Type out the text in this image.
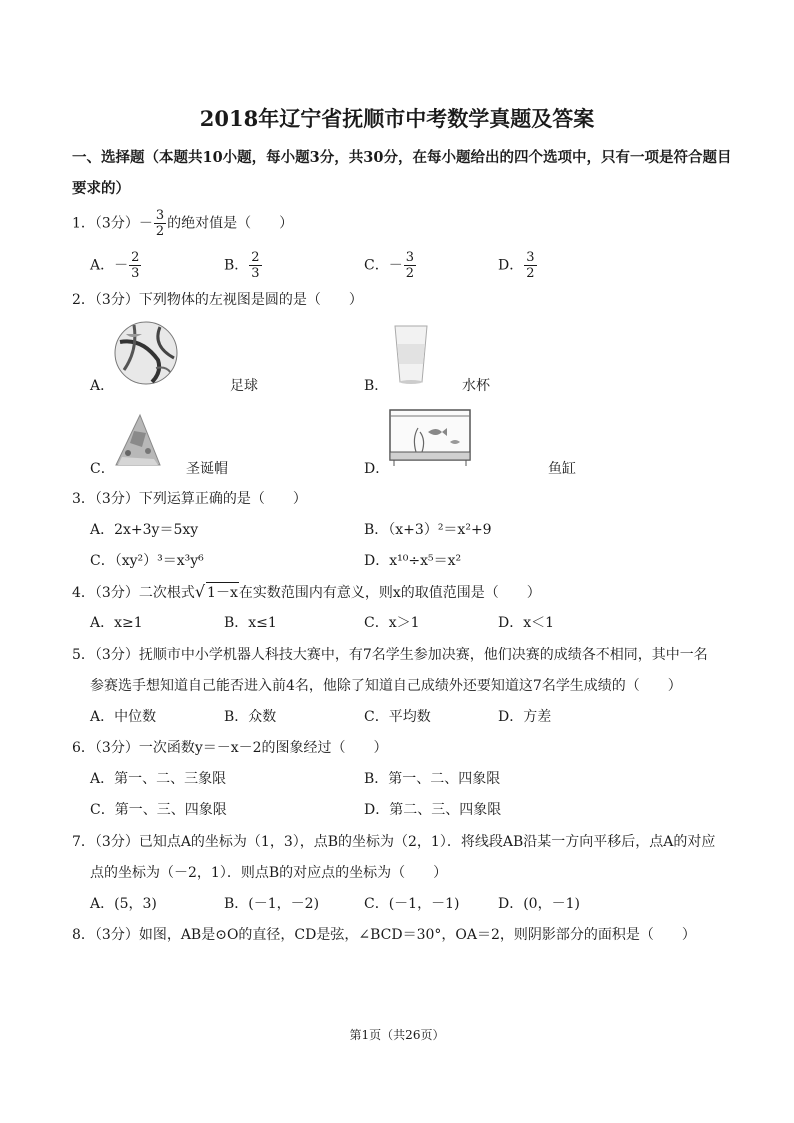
2018年辽宁省抚顺市中考数学真题及答案
一、选择题（本题共10小题，每小题3分，共30分，在每小题给出的四个选项中，只有一项是符合题目
要求的）
1．（3分）－ $\frac{3}{2}$ 的绝对值是（　　）
A．－ $\frac{2}{3}$	B． $\frac{2}{3}$	C．－ $\frac{3}{2}$	D． $\frac{3}{2}$
2．（3分）下列物体的左视图是圆的是（　　）
A．	足球	B．	水杯
C．	圣诞帽	D．	鱼缸
3．（3分）下列运算正确的是（　　）
A．2x+3y＝5xy	B．（x+3）²＝x²+9
C．（xy²）³＝x³y⁶	D．x¹⁰÷x⁵＝x²
4．（3分）二次根式√ 1－x在实数范围内有意义，则x的取值范围是（　　）
A．x≥1	B．x≤1	C．x＞1	D．x＜1
5．（3分）抚顺市中小学机器人科技大赛中，有7名学生参加决赛，他们决赛的成绩各不相同，其中一名
参赛选手想知道自己能否进入前4名，他除了知道自己成绩外还要知道这7名学生成绩的（　　）
A．中位数	B．众数	C．平均数	D．方差
6．（3分）一次函数y＝－x－2的图象经过（　　）
A．第一、二、三象限	B．第一、二、四象限
C．第一、三、四象限	D．第二、三、四象限
7．（3分）已知点A的坐标为（1，3），点B的坐标为（2，1）．将线段AB沿某一方向平移后，点A的对应
点的坐标为（－2，1）．则点B的对应点的坐标为（　　）
A．(5，3)	B．(－1，－2)	C．(－1，－1)	D．(0，－1)
8．（3分）如图，AB是⊙O的直径，CD是弦，∠BCD＝30°，OA＝2，则阴影部分的面积是（　　）
第1页（共26页）
